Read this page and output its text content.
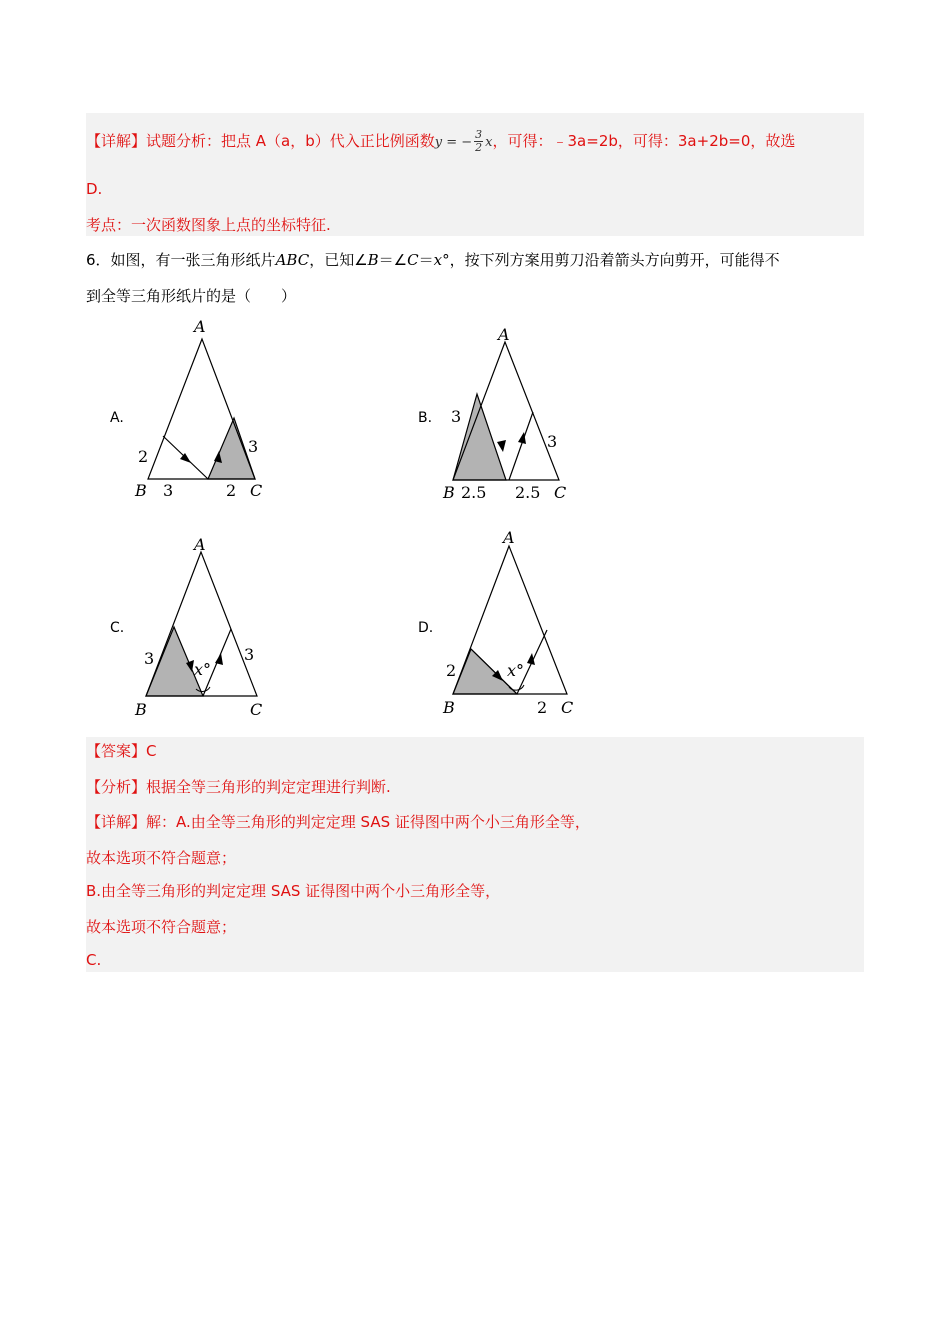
【详解】试题分析：把点 A（a，b）代入正比例函数y = − $\frac{3}{2}$ x，可得：﹣3a=2b，可得：3a+2b=0，故选
D.
考点：一次函数图象上点的坐标特征.
6．如图，有一张三角形纸片ABC，已知∠B＝∠C＝x°，按下列方案用剪刀沿着箭头方向剪开，可能得不
到全等三角形纸片的是（　　）
A.	B.
C.	D.
A
2
3
B 3	2 C
A
3
3
B 2.5 2.5 C
x°
A
3	3
B	C
x°
A
2
B	2 C
【答案】C
【分析】根据全等三角形的判定定理进行判断.
【详解】解：A.由全等三角形的判定定理 SAS 证得图中两个小三角形全等，
故本选项不符合题意；
B.由全等三角形的判定定理 SAS 证得图中两个小三角形全等，
故本选项不符合题意；
C.
